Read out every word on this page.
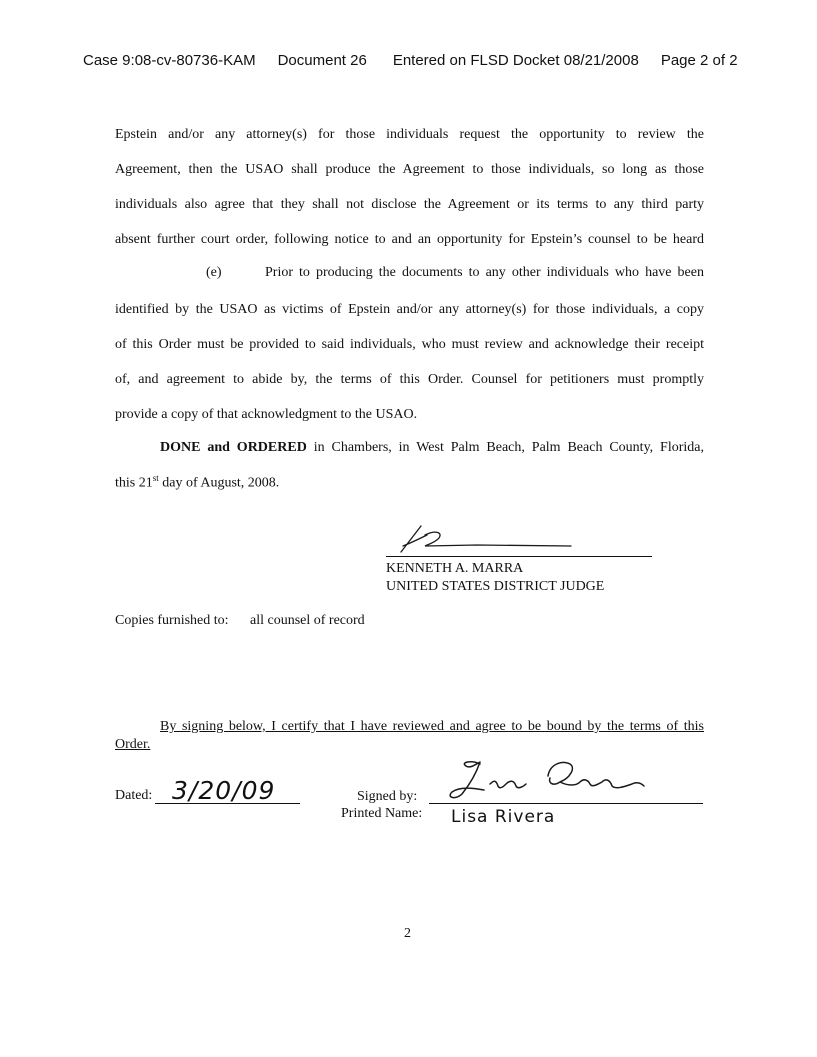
Case 9:08-cv-80736-KAM Document 26 Entered on FLSD Docket 08/21/2008 Page 2 of 2
Epstein and/or any attorney(s) for those individuals request the opportunity to review the
Agreement, then the USAO shall produce the Agreement to those individuals, so long as those
individuals also agree that they shall not disclose the Agreement or its terms to any third party
absent further court order, following notice to and an opportunity for Epstein’s counsel to be heard
(e)	Prior to producing the documents to any other individuals who have been
identified by the USAO as victims of Epstein and/or any attorney(s) for those individuals, a copy
of this Order must be provided to said individuals, who must review and acknowledge their receipt
of, and agreement to abide by, the terms of this Order. Counsel for petitioners must promptly
provide a copy of that acknowledgment to the USAO.
DONE and ORDERED in Chambers, in West Palm Beach, Palm Beach County, Florida,
this 21st day of August, 2008.
KENNETH A. MARRA
UNITED STATES DISTRICT JUDGE
Copies furnished to: all counsel of record
By signing below, I certify that I have reviewed and agree to be bound by the terms of this
Order.
Dated: 3/20/09	Signed by:
Printed Name: Lisa Rivera
2
